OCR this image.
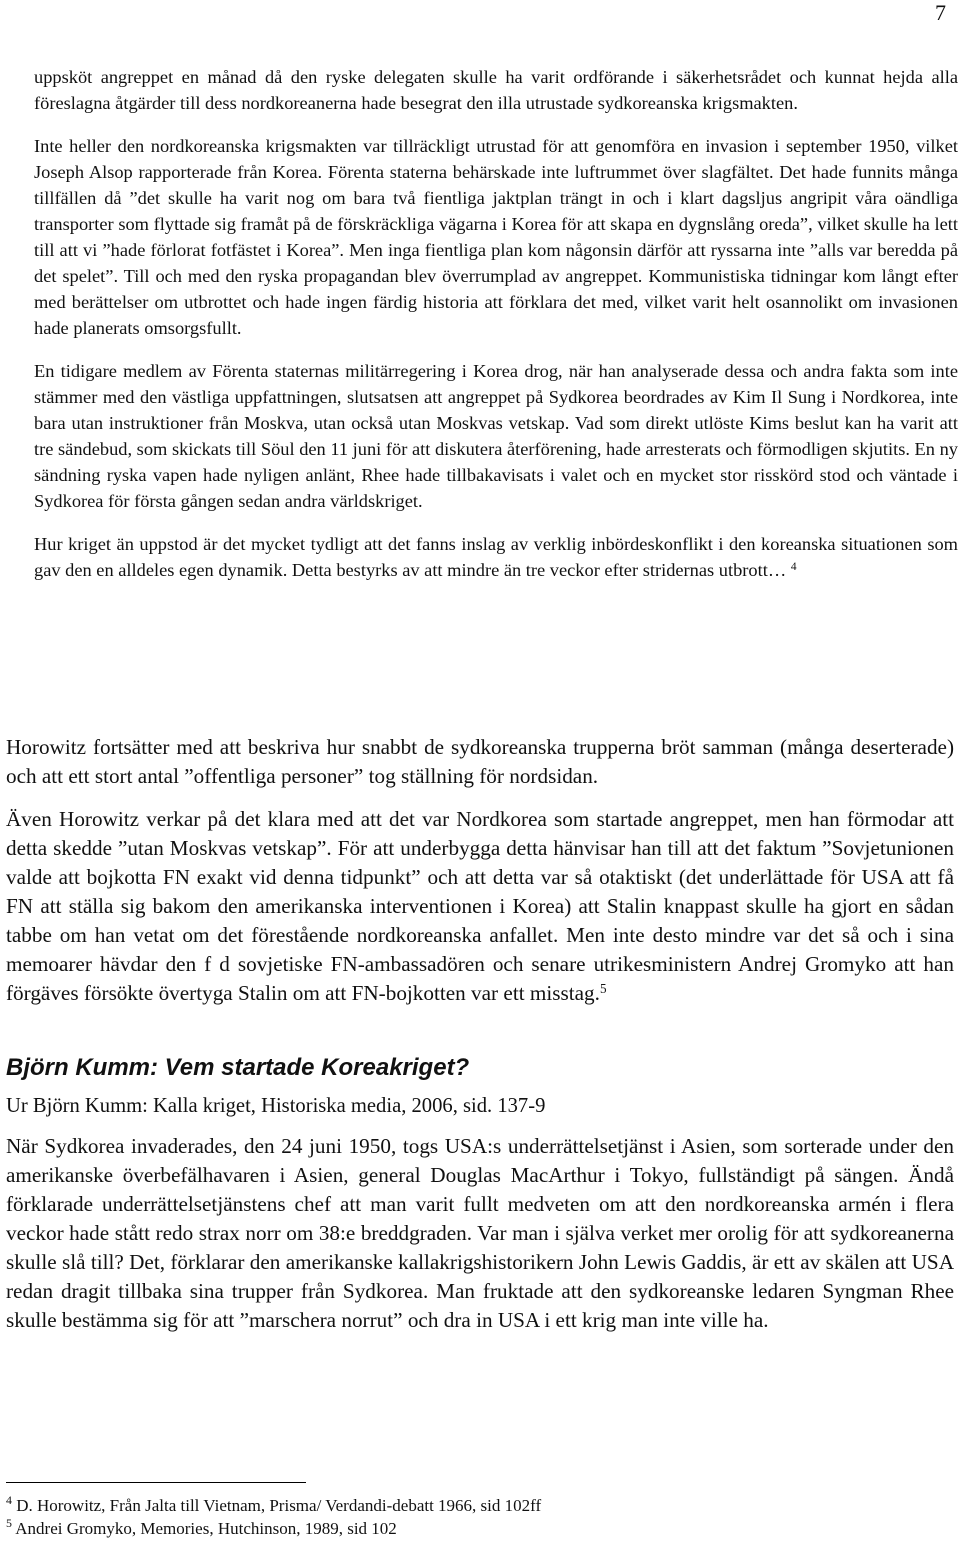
7

uppsköt angreppet en månad då den ryske delegaten skulle ha varit ordförande i säkerhetsrådet och kunnat hejda alla föreslagna åtgärder till dess nordkoreanerna hade besegrat den illa utrustade sydkoreanska krigsmakten.

Inte heller den nordkoreanska krigsmakten var tillräckligt utrustad för att genomföra en invasion i september 1950, vilket Joseph Alsop rapporterade från Korea. Förenta staterna behärskade inte luftrummet över slagfältet. Det hade funnits många tillfällen då ”det skulle ha varit nog om bara två fientliga jaktplan trängt in och i klart dagsljus angripit våra oändliga transporter som flyttade sig framåt på de förskräckliga vägarna i Korea för att skapa en dygnslång oreda”, vilket skulle ha lett till att vi ”hade förlorat fotfästet i Korea”. Men inga fientliga plan kom någonsin därför att ryssarna inte ”alls var beredda på det spelet”. Till och med den ryska propagandan blev överrumplad av angreppet. Kommunistiska tidningar kom långt efter med berättelser om utbrottet och hade ingen färdig historia att förklara det med, vilket varit helt osannolikt om invasionen hade planerats omsorgsfullt.

En tidigare medlem av Förenta staternas militärregering i Korea drog, när han analyserade dessa och andra fakta som inte stämmer med den västliga uppfattningen, slutsatsen att angreppet på Sydkorea beordrades av Kim Il Sung i Nordkorea, inte bara utan instruktioner från Moskva, utan också utan Moskvas vetskap. Vad som direkt utlöste Kims beslut kan ha varit att tre sändebud, som skickats till Söul den 11 juni för att diskutera återförening, hade arresterats och förmodligen skjutits. En ny sändning ryska vapen hade nyligen anlänt, Rhee hade tillbakavisats i valet och en mycket stor risskörd stod och väntade i Sydkorea för första gången sedan andra världskriget.

Hur kriget än uppstod är det mycket tydligt att det fanns inslag av verklig inbördeskonflikt i den koreanska situationen som gav den en alldeles egen dynamik. Detta bestyrks av att mindre än tre veckor efter stridernas utbrott… $^4$

Horowitz fortsätter med att beskriva hur snabbt de sydkoreanska trupperna bröt samman (många deserterade) och att ett stort antal ”offentliga personer” tog ställning för nordsidan.

Även Horowitz verkar på det klara med att det var Nordkorea som startade angreppet, men han förmodar att detta skedde ”utan Moskvas vetskap”. För att underbygga detta hänvisar han till att det faktum ”Sovjetunionen valde att bojkotta FN exakt vid denna tidpunkt” och att detta var så otaktiskt (det underlättade för USA att få FN att ställa sig bakom den amerikanska interventionen i Korea) att Stalin knappast skulle ha gjort en sådan tabbe om han vetat om det förestående nordkoreanska anfallet. Men inte desto mindre var det så och i sina memoarer hävdar den f d sovjetiske FN-ambassadören och senare utrikesministern Andrej Gromyko att han förgäves försökte övertyga Stalin om att FN-bojkotten var ett misstag.$^5$

Björn Kumm: Vem startade Koreakriget?
Ur Björn Kumm: Kalla kriget, Historiska media, 2006, sid. 137-9

När Sydkorea invaderades, den 24 juni 1950, togs USA:s underrättelsetjänst i Asien, som sorterade under den amerikanske överbefälhavaren i Asien, general Douglas MacArthur i Tokyo, fullständigt på sängen. Ändå förklarade underrättelsetjänstens chef att man varit fullt medveten om att den nordkoreanska armén i flera veckor hade stått redo strax norr om 38:e breddgraden. Var man i själva verket mer orolig för att sydkoreanerna skulle slå till? Det, förklarar den amerikanske kallakrigshistorikern John Lewis Gaddis, är ett av skälen att USA redan dragit tillbaka sina trupper från Sydkorea. Man fruktade att den sydkoreanske ledaren Syngman Rhee skulle bestämma sig för att ”marschera norrut” och dra in USA i ett krig man inte ville ha.

$^4$ D. Horowitz, Från Jalta till Vietnam, Prisma/ Verdandi-debatt 1966, sid 102ff
$^5$ Andrei Gromyko, Memories, Hutchinson, 1989, sid 102
